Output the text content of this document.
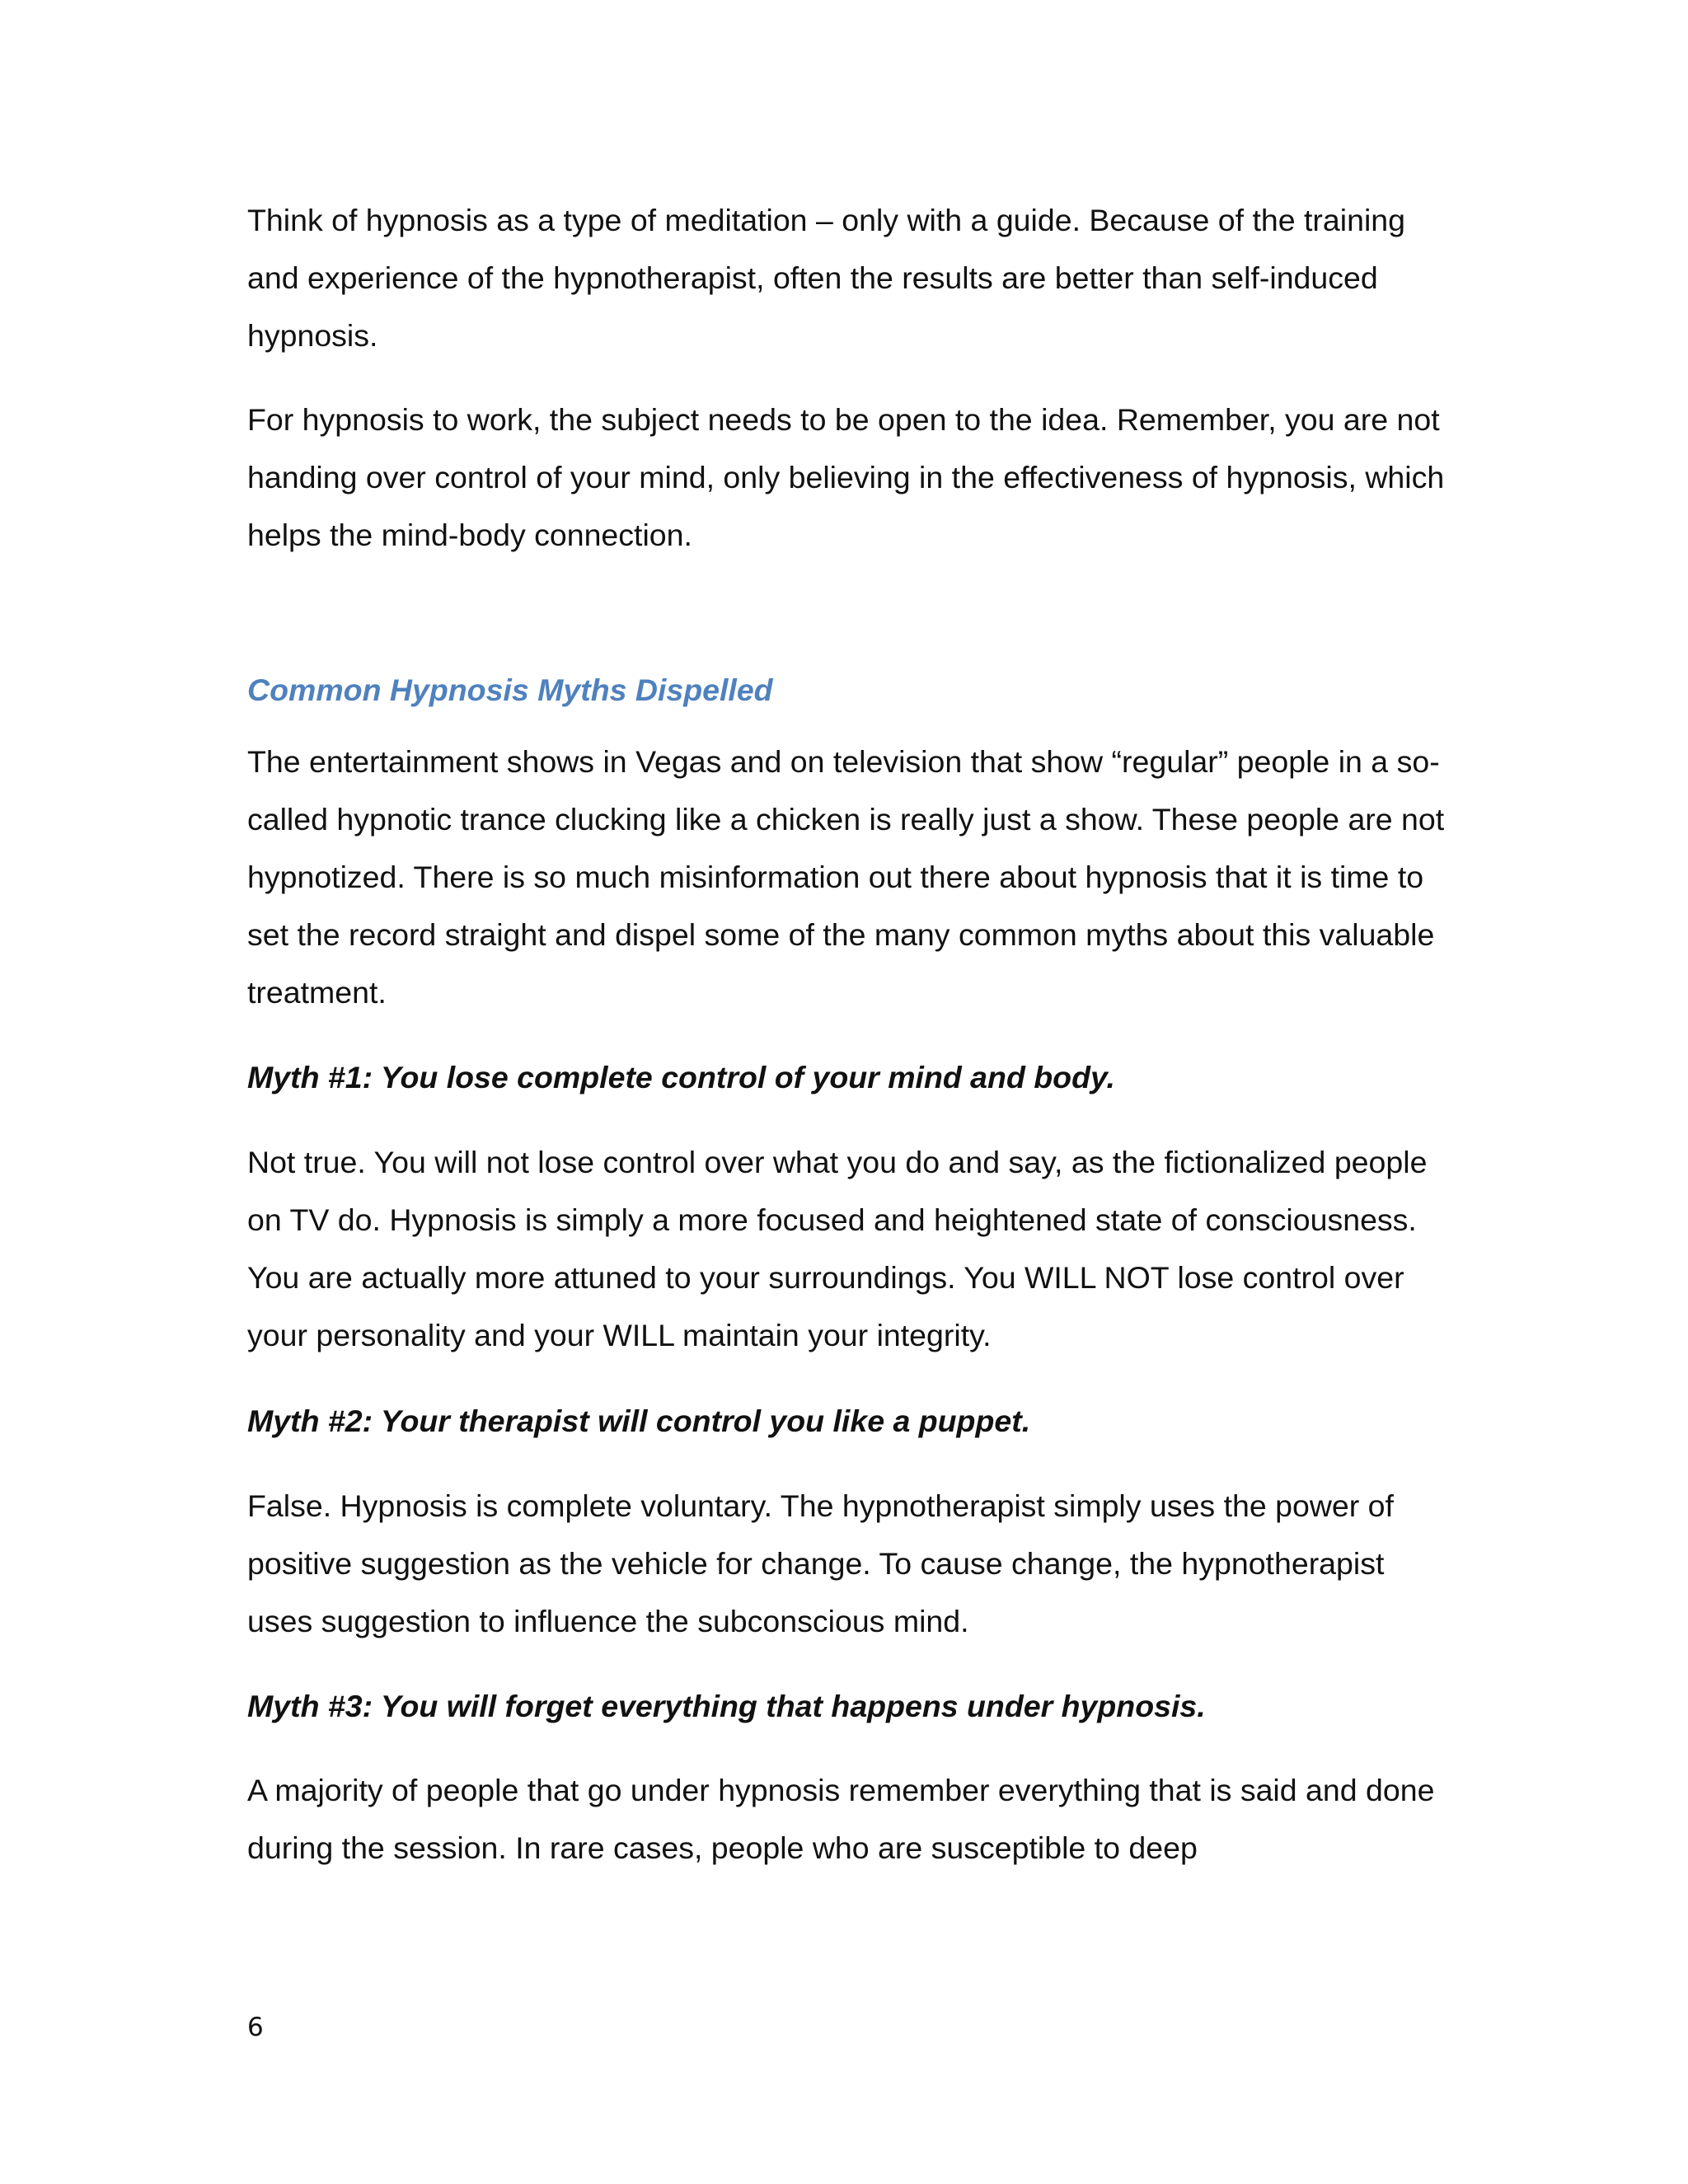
Think of hypnosis as a type of meditation – only with a guide. Because of the training and experience of the hypnotherapist, often the results are better than self-induced hypnosis.

For hypnosis to work, the subject needs to be open to the idea. Remember, you are not handing over control of your mind, only believing in the effectiveness of hypnosis, which helps the mind-body connection.

Common Hypnosis Myths Dispelled

The entertainment shows in Vegas and on television that show “regular” people in a so-called hypnotic trance clucking like a chicken is really just a show. These people are not hypnotized. There is so much misinformation out there about hypnosis that it is time to set the record straight and dispel some of the many common myths about this valuable treatment.

Myth #1: You lose complete control of your mind and body.

Not true. You will not lose control over what you do and say, as the fictionalized people on TV do. Hypnosis is simply a more focused and heightened state of consciousness. You are actually more attuned to your surroundings. You WILL NOT lose control over your personality and your WILL maintain your integrity.

Myth #2: Your therapist will control you like a puppet.

False. Hypnosis is complete voluntary. The hypnotherapist simply uses the power of positive suggestion as the vehicle for change. To cause change, the hypnotherapist uses suggestion to influence the subconscious mind.

Myth #3: You will forget everything that happens under hypnosis.

A majority of people that go under hypnosis remember everything that is said and done during the session. In rare cases, people who are susceptible to deep

6
